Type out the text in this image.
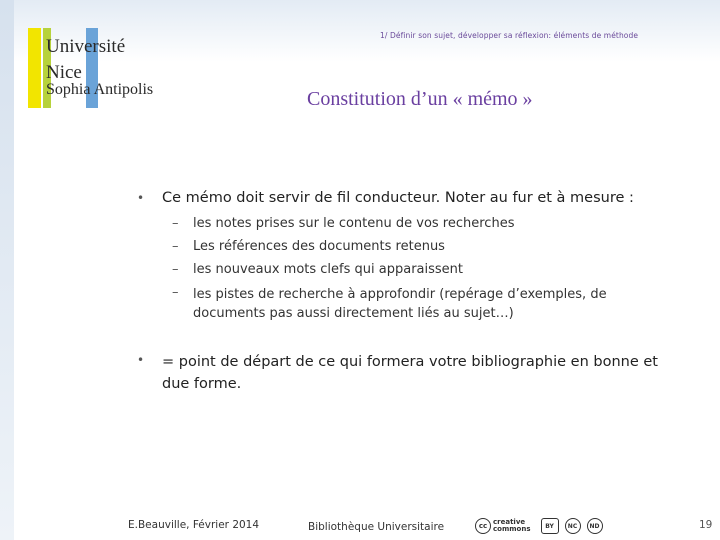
1/ Définir son sujet, développer sa réflexion: éléments de méthode
Université
Nice
Sophia Antipolis	Constitution d’un « mémo »
• Ce mémo doit servir de fil conducteur. Noter au fur et à mesure :
– les notes prises sur le contenu de vos recherches
– Les références des documents retenus
– les nouveaux mots clefs qui apparaissent
– les pistes de recherche à approfondir (repérage d’exemples, de documents pas aussi directement liés au sujet…)
• = point de départ de ce qui formera votre bibliographie en bonne et due forme.
E.Beauville, Février 2014	Bibliothèque Universitaire	cc creative
commons	BY	NC ND	19
